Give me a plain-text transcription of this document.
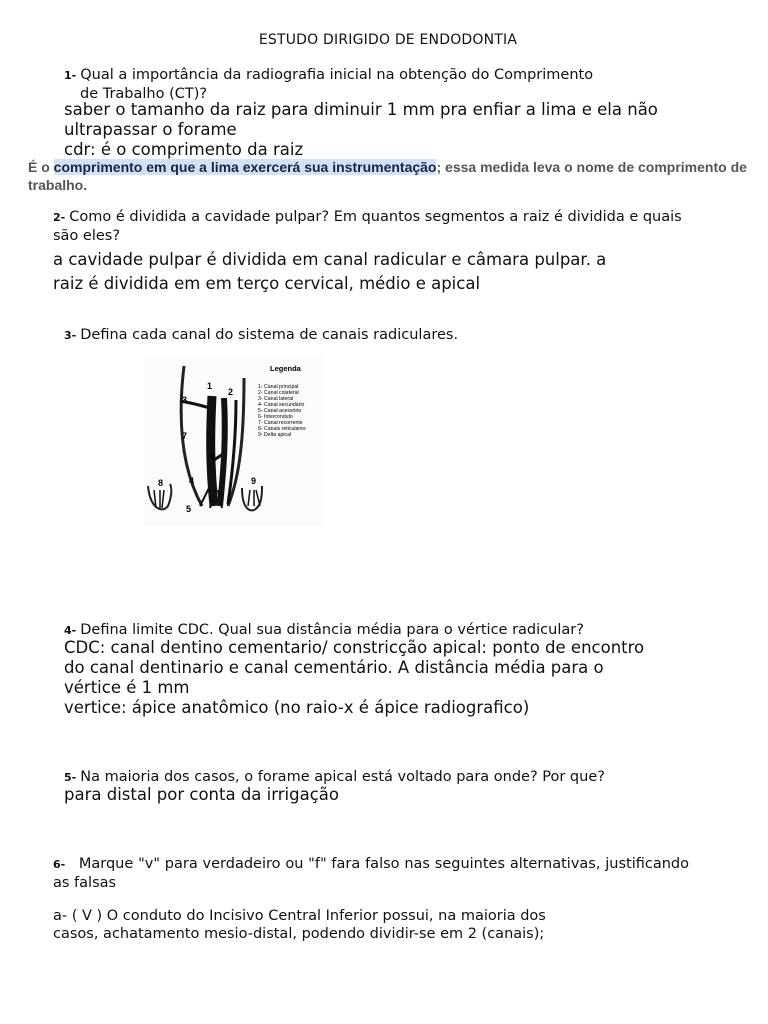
ESTUDO DIRIGIDO DE ENDODONTIA
1- Qual a importância da radiografia inicial na obtenção do Comprimento
de Trabalho (CT)?
saber o tamanho da raiz para diminuir 1 mm pra enfiar a lima e ela não
ultrapassar o forame
cdr: é o comprimento da raiz
É o comprimento em que a lima exercerá sua instrumentação; essa medida leva o nome de comprimento de trabalho.
2- Como é dividida a cavidade pulpar? Em quantos segmentos a raiz é dividida e quais são eles?
a cavidade pulpar é dividida em canal radicular e câmara pulpar. a
raiz é dividida em em terço cervical, médio e apical
3- Defina cada canal do sistema de canais radiculares.
1
2
3
4
5
6
7
8	9
Legenda
1- Canal principal
2- Canal colateral
3- Canal lateral
4- Canal secundário
5- Canal acessório
6- Interconduto
7- Canal recorrente
8- Canais reticulares
9- Delta apical
4- Defina limite CDC. Qual sua distância média para o vértice radicular?
CDC: canal dentino cementario/ constricção apical: ponto de encontro
do canal dentinario e canal cementário. A distância média para o
vértice é 1 mm
vertice: ápice anatômico (no raio-x é ápice radiografico)
5- Na maioria dos casos, o forame apical está voltado para onde? Por que?
para distal por conta da irrigação
6- Marque "v" para verdadeiro ou "f" fara falso nas seguintes alternativas, justificando as falsas
a- ( V ) O conduto do Incisivo Central Inferior possui, na maioria dos
casos, achatamento mesio-distal, podendo dividir-se em 2 (canais);
